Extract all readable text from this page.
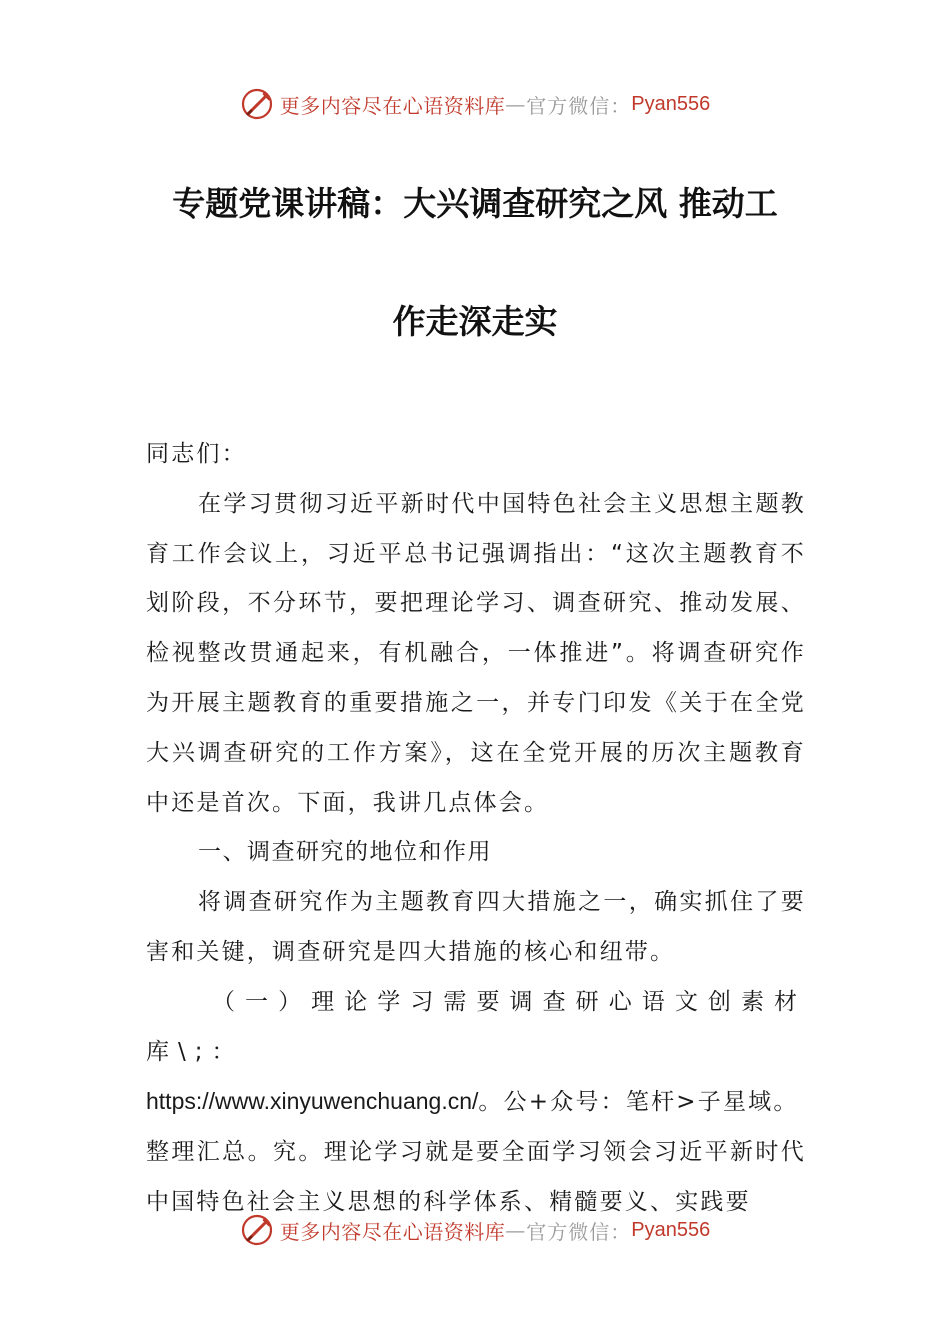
更多内容尽在心语资料库 — 官方微信： Pyan556
专题党课讲稿：大兴调查研究之风 推动工
作走深走实

同志们：

在学习贯彻习近平新时代中国特色社会主义思想主题教育工作会议上，习近平总书记强调指出：“这次主题教育不划阶段，不分环节，要把理论学习、调查研究、推动发展、检视整改贯通起来，有机融合，一体推进”。将调查研究作为开展主题教育的重要措施之一，并专门印发《关于在全党大兴调查研究的工作方案》，这在全党开展的历次主题教育中还是首次。下面，我讲几点体会。

一、调查研究的地位和作用

将调查研究作为主题教育四大措施之一，确实抓住了要害和关键，调查研究是四大措施的核心和纽带。

（一）理论学习需要调查研心语文创素材库\;：

https://www.xinyuwenchuang.cn/。公+众号：笔杆>子星域。

整理汇总。究。理论学习就是要全面学习领会习近平新时代中国特色社会主义思想的科学体系、精髓要义、实践要

更多内容尽在心语资料库 — 官方微信： Pyan556
